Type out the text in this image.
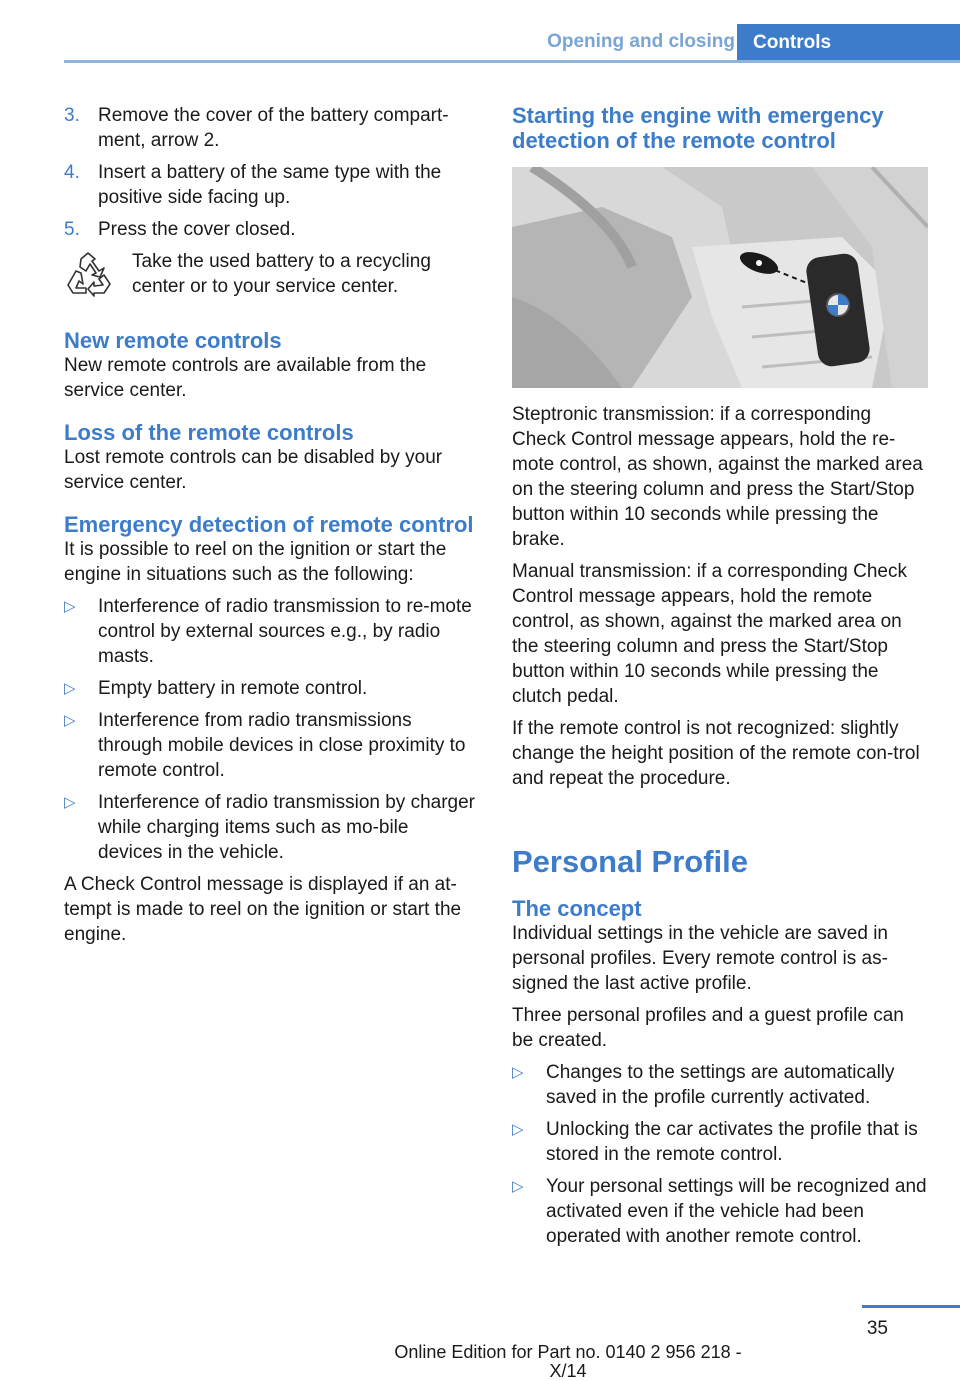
Opening and closing Controls
3. Remove the cover of the battery compart‐ment, arrow 2.
4. Insert a battery of the same type with the positive side facing up.
5. Press the cover closed.
Take the used battery to a recycling center or to your service center.
New remote controls

New remote controls are available from the service center.

Loss of the remote controls

Lost remote controls can be disabled by your service center.

Emergency detection of remote control

It is possible to reel on the ignition or start the engine in situations such as the following:

▷	Interference of radio transmission to re‐mote control by external sources e.g., by radio masts.
▷	Empty battery in remote control.
▷	Interference from radio transmissions through mobile devices in close proximity to remote control.
▷	Interference of radio transmission by charger while charging items such as mo‐bile devices in the vehicle.

A Check Control message is displayed if an at‐tempt is made to reel on the ignition or start the engine.

Starting the engine with emergency detection of the remote control

Steptronic transmission: if a corresponding Check Control message appears, hold the re‐mote control, as shown, against the marked area on the steering column and press the Start/Stop button within 10 seconds while pressing the brake.

Manual transmission: if a corresponding Check Control message appears, hold the remote control, as shown, against the marked area on the steering column and press the Start/Stop button within 10 seconds while pressing the clutch pedal.

If the remote control is not recognized: slightly change the height position of the remote con‐trol and repeat the procedure.

Personal Profile
The concept

Individual settings in the vehicle are saved in personal profiles. Every remote control is as‐signed the last active profile.

Three personal profiles and a guest profile can be created.

▷	Changes to the settings are automatically saved in the profile currently activated.
▷	Unlocking the car activates the profile that is stored in the remote control.
▷	Your personal settings will be recognized and activated even if the vehicle had been operated with another remote control.
35
Online Edition for Part no. 0140 2 956 218 - X/14
